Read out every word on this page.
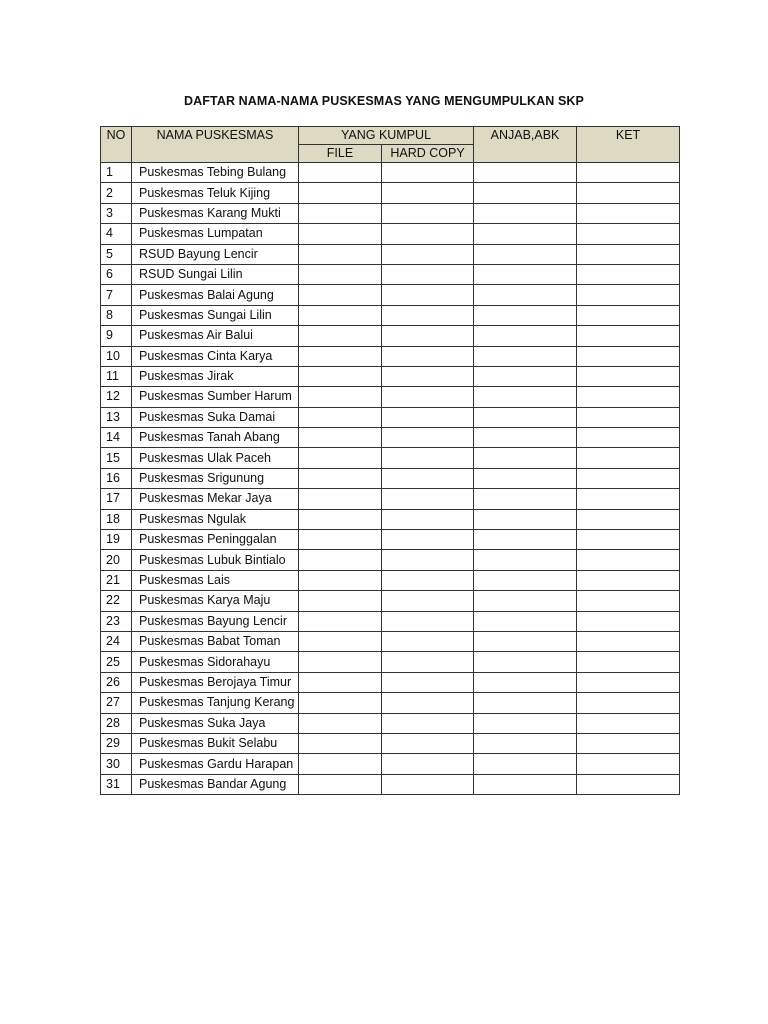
DAFTAR NAMA-NAMA PUSKESMAS YANG MENGUMPULKAN SKP
NO	NAMA PUSKESMAS	YANG KUMPUL		ANJAB,ABK	KET
		FILE	HARD COPY		
1	Puskesmas Tebing Bulang				
2	Puskesmas Teluk Kijing				
3	Puskesmas Karang Mukti				
4	Puskesmas Lumpatan				
5	RSUD Bayung Lencir				
6	RSUD Sungai Lilin				
7	Puskesmas Balai Agung				
8	Puskesmas Sungai Lilin				
9	Puskesmas Air Balui				
10	Puskesmas Cinta Karya				
11	Puskesmas Jirak				
12	Puskesmas Sumber Harum				
13	Puskesmas Suka Damai				
14	Puskesmas Tanah Abang				
15	Puskesmas Ulak Paceh				
16	Puskesmas Srigunung				
17	Puskesmas Mekar Jaya				
18	Puskesmas Ngulak				
19	Puskesmas Peninggalan				
20	Puskesmas Lubuk Bintialo				
21	Puskesmas Lais				
22	Puskesmas Karya Maju				
23	Puskesmas Bayung Lencir				
24	Puskesmas Babat Toman				
25	Puskesmas Sidorahayu				
26	Puskesmas Berojaya Timur				
27	Puskesmas Tanjung Kerang				
28	Puskesmas Suka Jaya				
29	Puskesmas Bukit Selabu				
30	Puskesmas Gardu Harapan				
31	Puskesmas Bandar Agung				
